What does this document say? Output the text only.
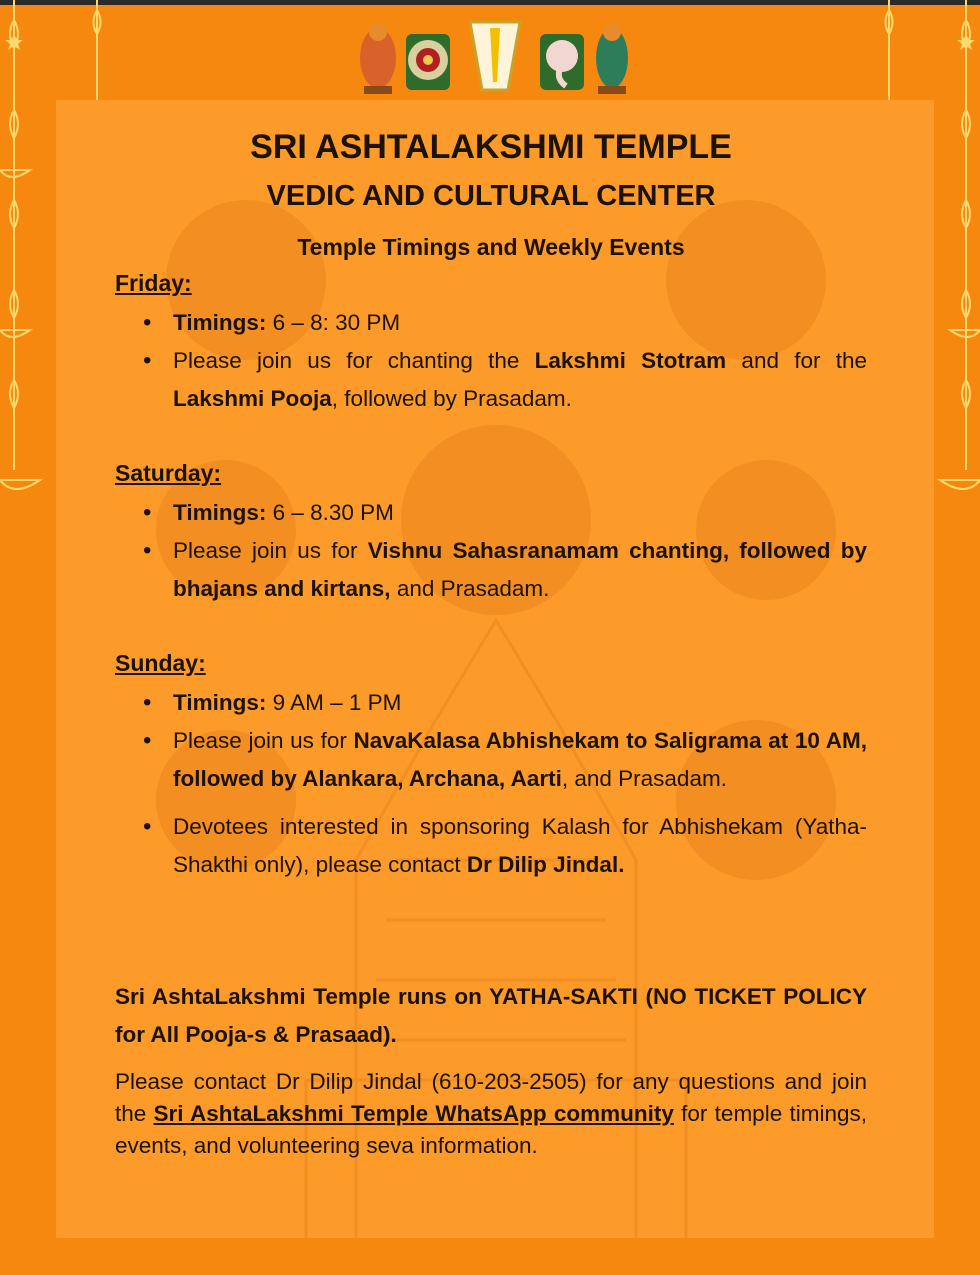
SRI ASHTALAKSHMI TEMPLE
VEDIC AND CULTURAL CENTER
Temple Timings and Weekly Events
Friday:
• Timings: 6 – 8: 30 PM
• Please join us for chanting the Lakshmi Stotram and for the Lakshmi Pooja, followed by Prasadam.
Saturday:
• Timings: 6 – 8.30 PM
• Please join us for Vishnu Sahasranamam chanting, followed by bhajans and kirtans, and Prasadam.
Sunday:
• Timings: 9 AM – 1 PM
• Please join us for NavaKalasa Abhishekam to Saligrama at 10 AM, followed by Alankara, Archana, Aarti, and Prasadam.
• Devotees interested in sponsoring Kalash for Abhishekam (Yatha-Shakthi only), please contact Dr Dilip Jindal.
Sri AshtaLakshmi Temple runs on YATHA-SAKTI (NO TICKET POLICY for All Pooja-s & Prasaad).
Please contact Dr Dilip Jindal (610-203-2505) for any questions and join the Sri AshtaLakshmi Temple WhatsApp community for temple timings, events, and volunteering seva information.
